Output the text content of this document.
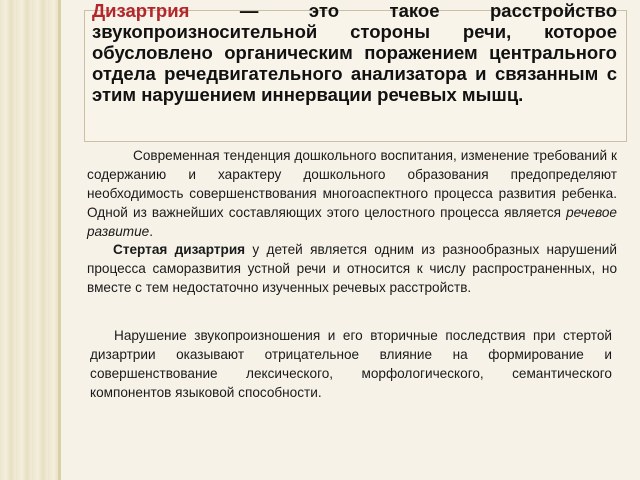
Дизартрия — это такое расстройство звукопроизносительной стороны речи, которое обусловлено органическим поражением центрального отдела речедвигательного анализатора и связанным с этим нарушением иннервации речевых мышц.

Современная тенденция дошкольного воспитания, изменение требований к содержанию и характеру дошкольного образования предопределяют необходимость совершенствования многоаспектного процесса развития ребенка. Одной из важнейших составляющих этого целостного процесса является речевое развитие.

Стертая дизартрия у детей является одним из разнообразных нарушений процесса саморазвития устной речи и относится к числу распространенных, но вместе с тем недостаточно изученных речевых расстройств.

Нарушение звукопроизношения и его вторичные последствия при стертой дизартрии оказывают отрицательное влияние на формирование и совершенствование лексического, морфологического, семантического компонентов языковой способности.
